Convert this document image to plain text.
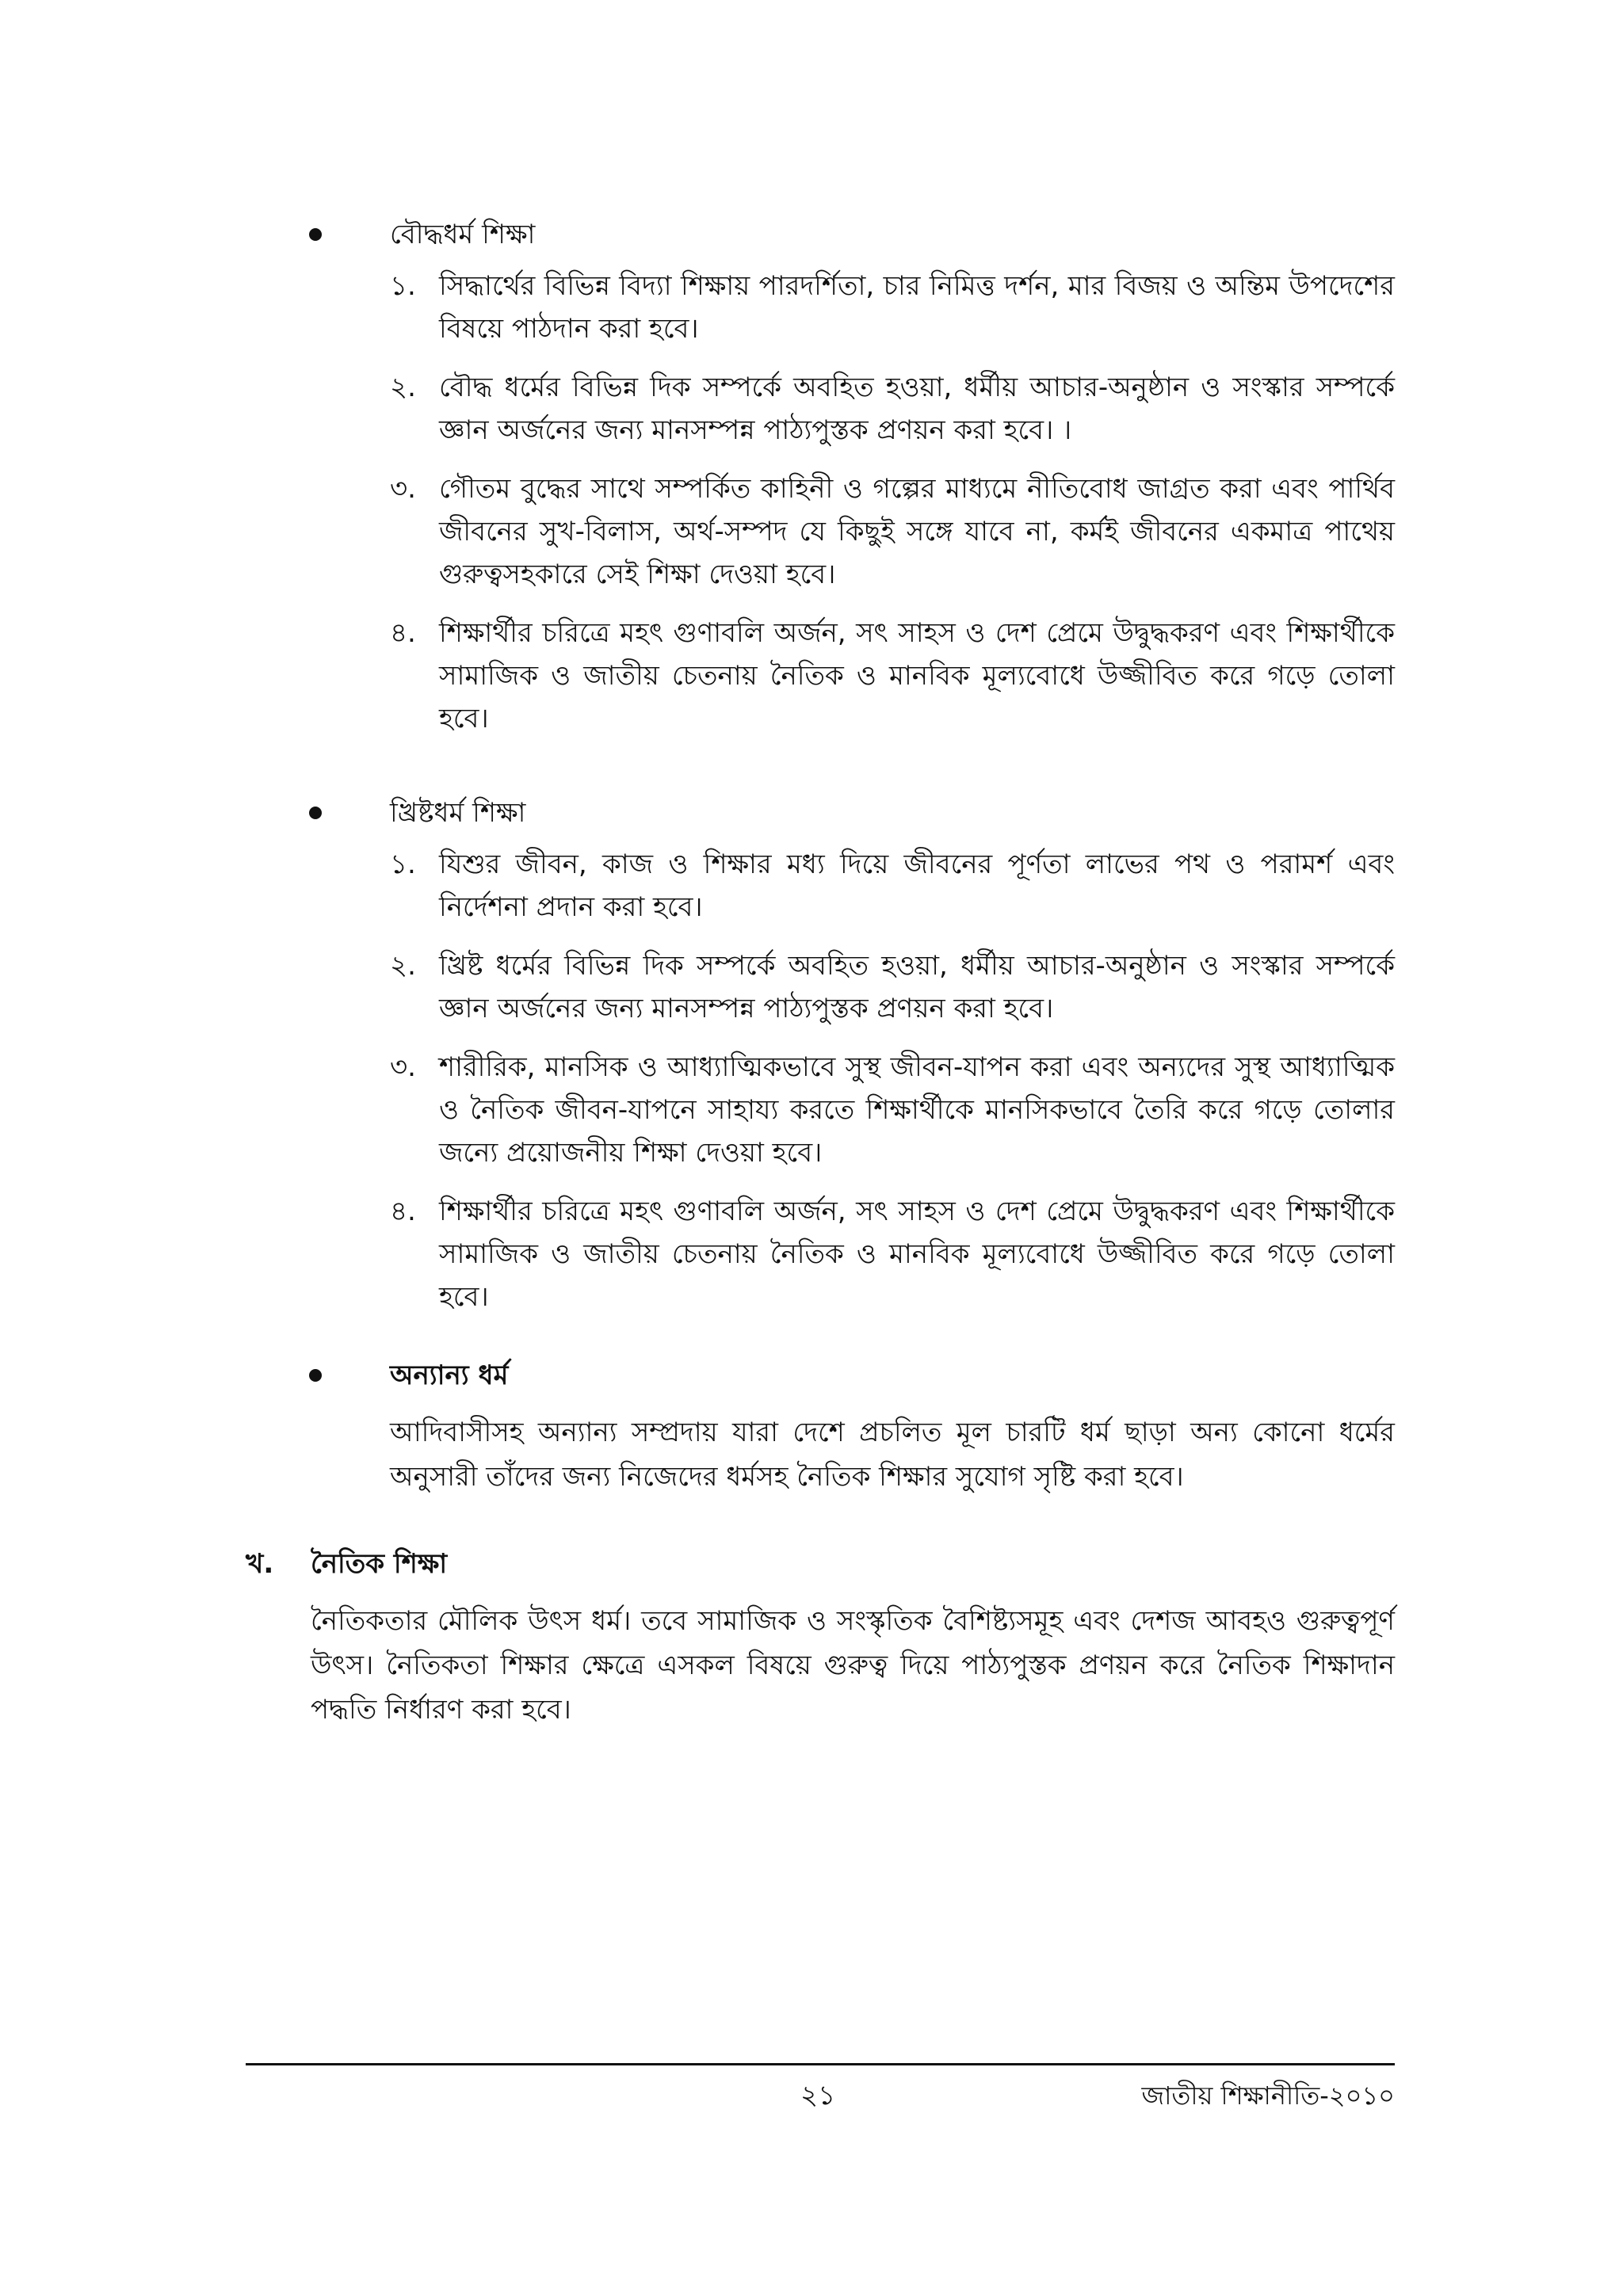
বৌদ্ধধর্ম শিক্ষা
১. সিদ্ধার্থের বিভিন্ন বিদ্যা শিক্ষায় পারদর্শিতা, চার নিমিত্ত দর্শন, মার বিজয় ও অন্তিম উপদেশের বিষয়ে পাঠদান করা হবে।
২. বৌদ্ধ ধর্মের বিভিন্ন দিক সম্পর্কে অবহিত হওয়া, ধর্মীয় আচার-অনুষ্ঠান ও সংস্কার সম্পর্কে জ্ঞান অর্জনের জন্য মানসম্পন্ন পাঠ্যপুস্তক প্রণয়ন করা হবে। ।
৩. গৌতম বুদ্ধের সাথে সম্পর্কিত কাহিনী ও গল্পের মাধ্যমে নীতিবোধ জাগ্রত করা এবং পার্থিব জীবনের সুখ-বিলাস, অর্থ-সম্পদ যে কিছুই সঙ্গে যাবে না, কর্মই জীবনের একমাত্র পাথেয় গুরুত্বসহকারে সেই শিক্ষা দেওয়া হবে।
৪. শিক্ষার্থীর চরিত্রে মহৎ গুণাবলি অর্জন, সৎ সাহস ও দেশ প্রেমে উদ্বুদ্ধকরণ এবং শিক্ষার্থীকে সামাজিক ও জাতীয় চেতনায় নৈতিক ও মানবিক মূল্যবোধে উজ্জীবিত করে গড়ে তোলা হবে।
খ্রিষ্টধর্ম শিক্ষা
১. যিশুর জীবন, কাজ ও শিক্ষার মধ্য দিয়ে জীবনের পূর্ণতা লাভের পথ ও পরামর্শ এবং নির্দেশনা প্রদান করা হবে।
২. খ্রিষ্ট ধর্মের বিভিন্ন দিক সম্পর্কে অবহিত হওয়া, ধর্মীয় আচার-অনুষ্ঠান ও সংস্কার সম্পর্কে জ্ঞান অর্জনের জন্য মানসম্পন্ন পাঠ্যপুস্তক প্রণয়ন করা হবে।
৩. শারীরিক, মানসিক ও আধ্যাত্মিকভাবে সুস্থ জীবন-যাপন করা এবং অন্যদের সুস্থ আধ্যাত্মিক ও নৈতিক জীবন-যাপনে সাহায্য করতে শিক্ষার্থীকে মানসিকভাবে তৈরি করে গড়ে তোলার জন্যে প্রয়োজনীয় শিক্ষা দেওয়া হবে।
৪. শিক্ষার্থীর চরিত্রে মহৎ গুণাবলি অর্জন, সৎ সাহস ও দেশ প্রেমে উদ্বুদ্ধকরণ এবং শিক্ষার্থীকে সামাজিক ও জাতীয় চেতনায় নৈতিক ও মানবিক মূল্যবোধে উজ্জীবিত করে গড়ে তোলা হবে।
অন্যান্য ধর্ম
আদিবাসীসহ অন্যান্য সম্প্রদায় যারা দেশে প্রচলিত মূল চারটি ধর্ম ছাড়া অন্য কোনো ধর্মের অনুসারী তাঁদের জন্য নিজেদের ধর্মসহ নৈতিক শিক্ষার সুযোগ সৃষ্টি করা হবে।
খ. নৈতিক শিক্ষা
নৈতিকতার মৌলিক উৎস ধর্ম। তবে সামাজিক ও সংস্কৃতিক বৈশিষ্ট্যসমূহ এবং দেশজ আবহও গুরুত্বপূর্ণ উৎস। নৈতিকতা শিক্ষার ক্ষেত্রে এসকল বিষয়ে গুরুত্ব দিয়ে পাঠ্যপুস্তক প্রণয়ন করে নৈতিক শিক্ষাদান পদ্ধতি নির্ধারণ করা হবে।
২১	জাতীয় শিক্ষানীতি-২০১০
